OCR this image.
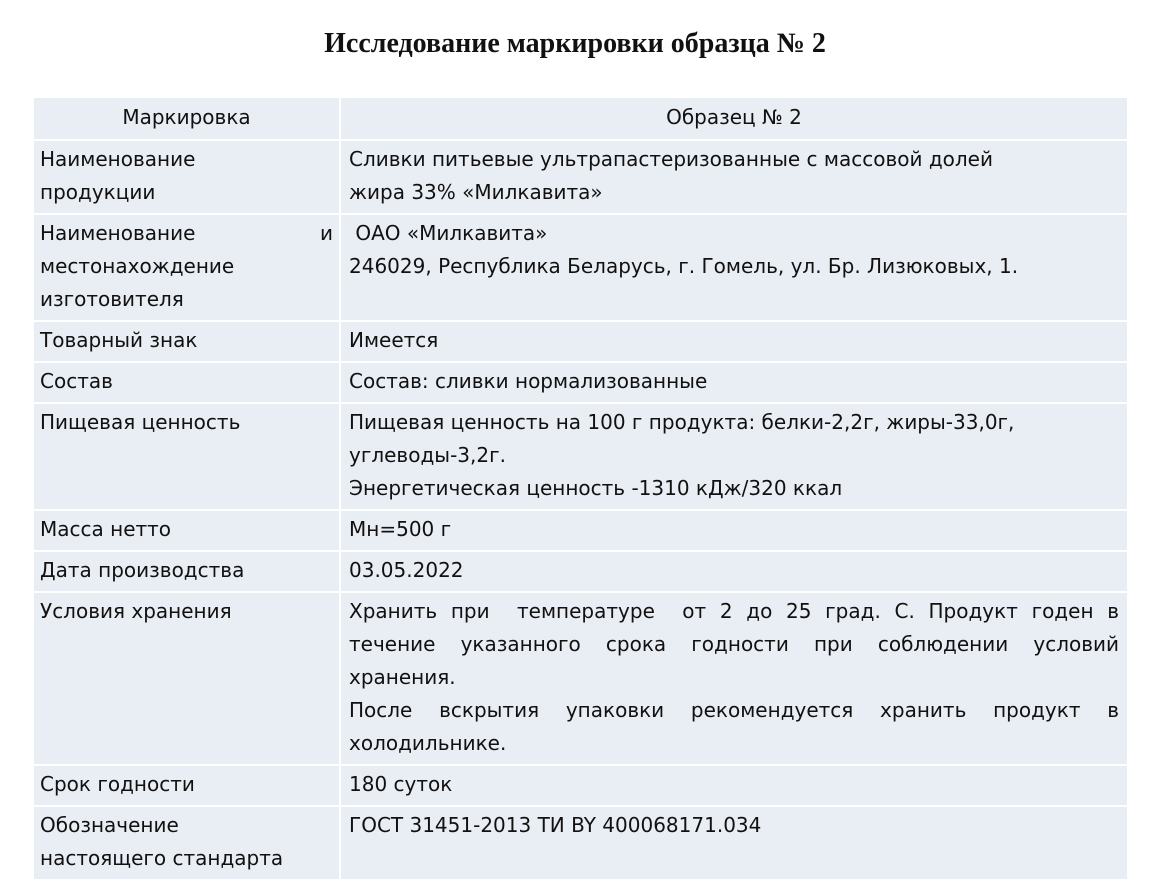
Исследование маркировки образца № 2
Маркировка	Образец № 2

Наименование
продукции	Сливки питьевые ультрапастеризованные с массовой долей
жира 33% «Милкавита»

Наименование и
местонахождение
изготовителя	ОАО «Милкавита»
246029, Республика Беларусь, г. Гомель, ул. Бр. Лизюковых, 1.

Товарный знак	Имеется

Состав	Состав: сливки нормализованные

Пищевая ценность	Пищевая ценность на 100 г продукта: белки-2,2г, жиры-33,0г,
углеводы-3,2г.
Энергетическая ценность -1310 кДж/320 ккал

Масса нетто	Мн=500 г

Дата производства	03.05.2022

Условия хранения	Хранить при  температуре  от 2 до 25 град. С. Продукт годен в
течение указанного срока годности при соблюдении условий
хранения.
После вскрытия упаковки рекомендуется хранить продукт в
холодильнике.

Срок годности	180 суток

Обозначение
настоящего стандарта	ГОСТ 31451-2013 ТИ BY 400068171.034
